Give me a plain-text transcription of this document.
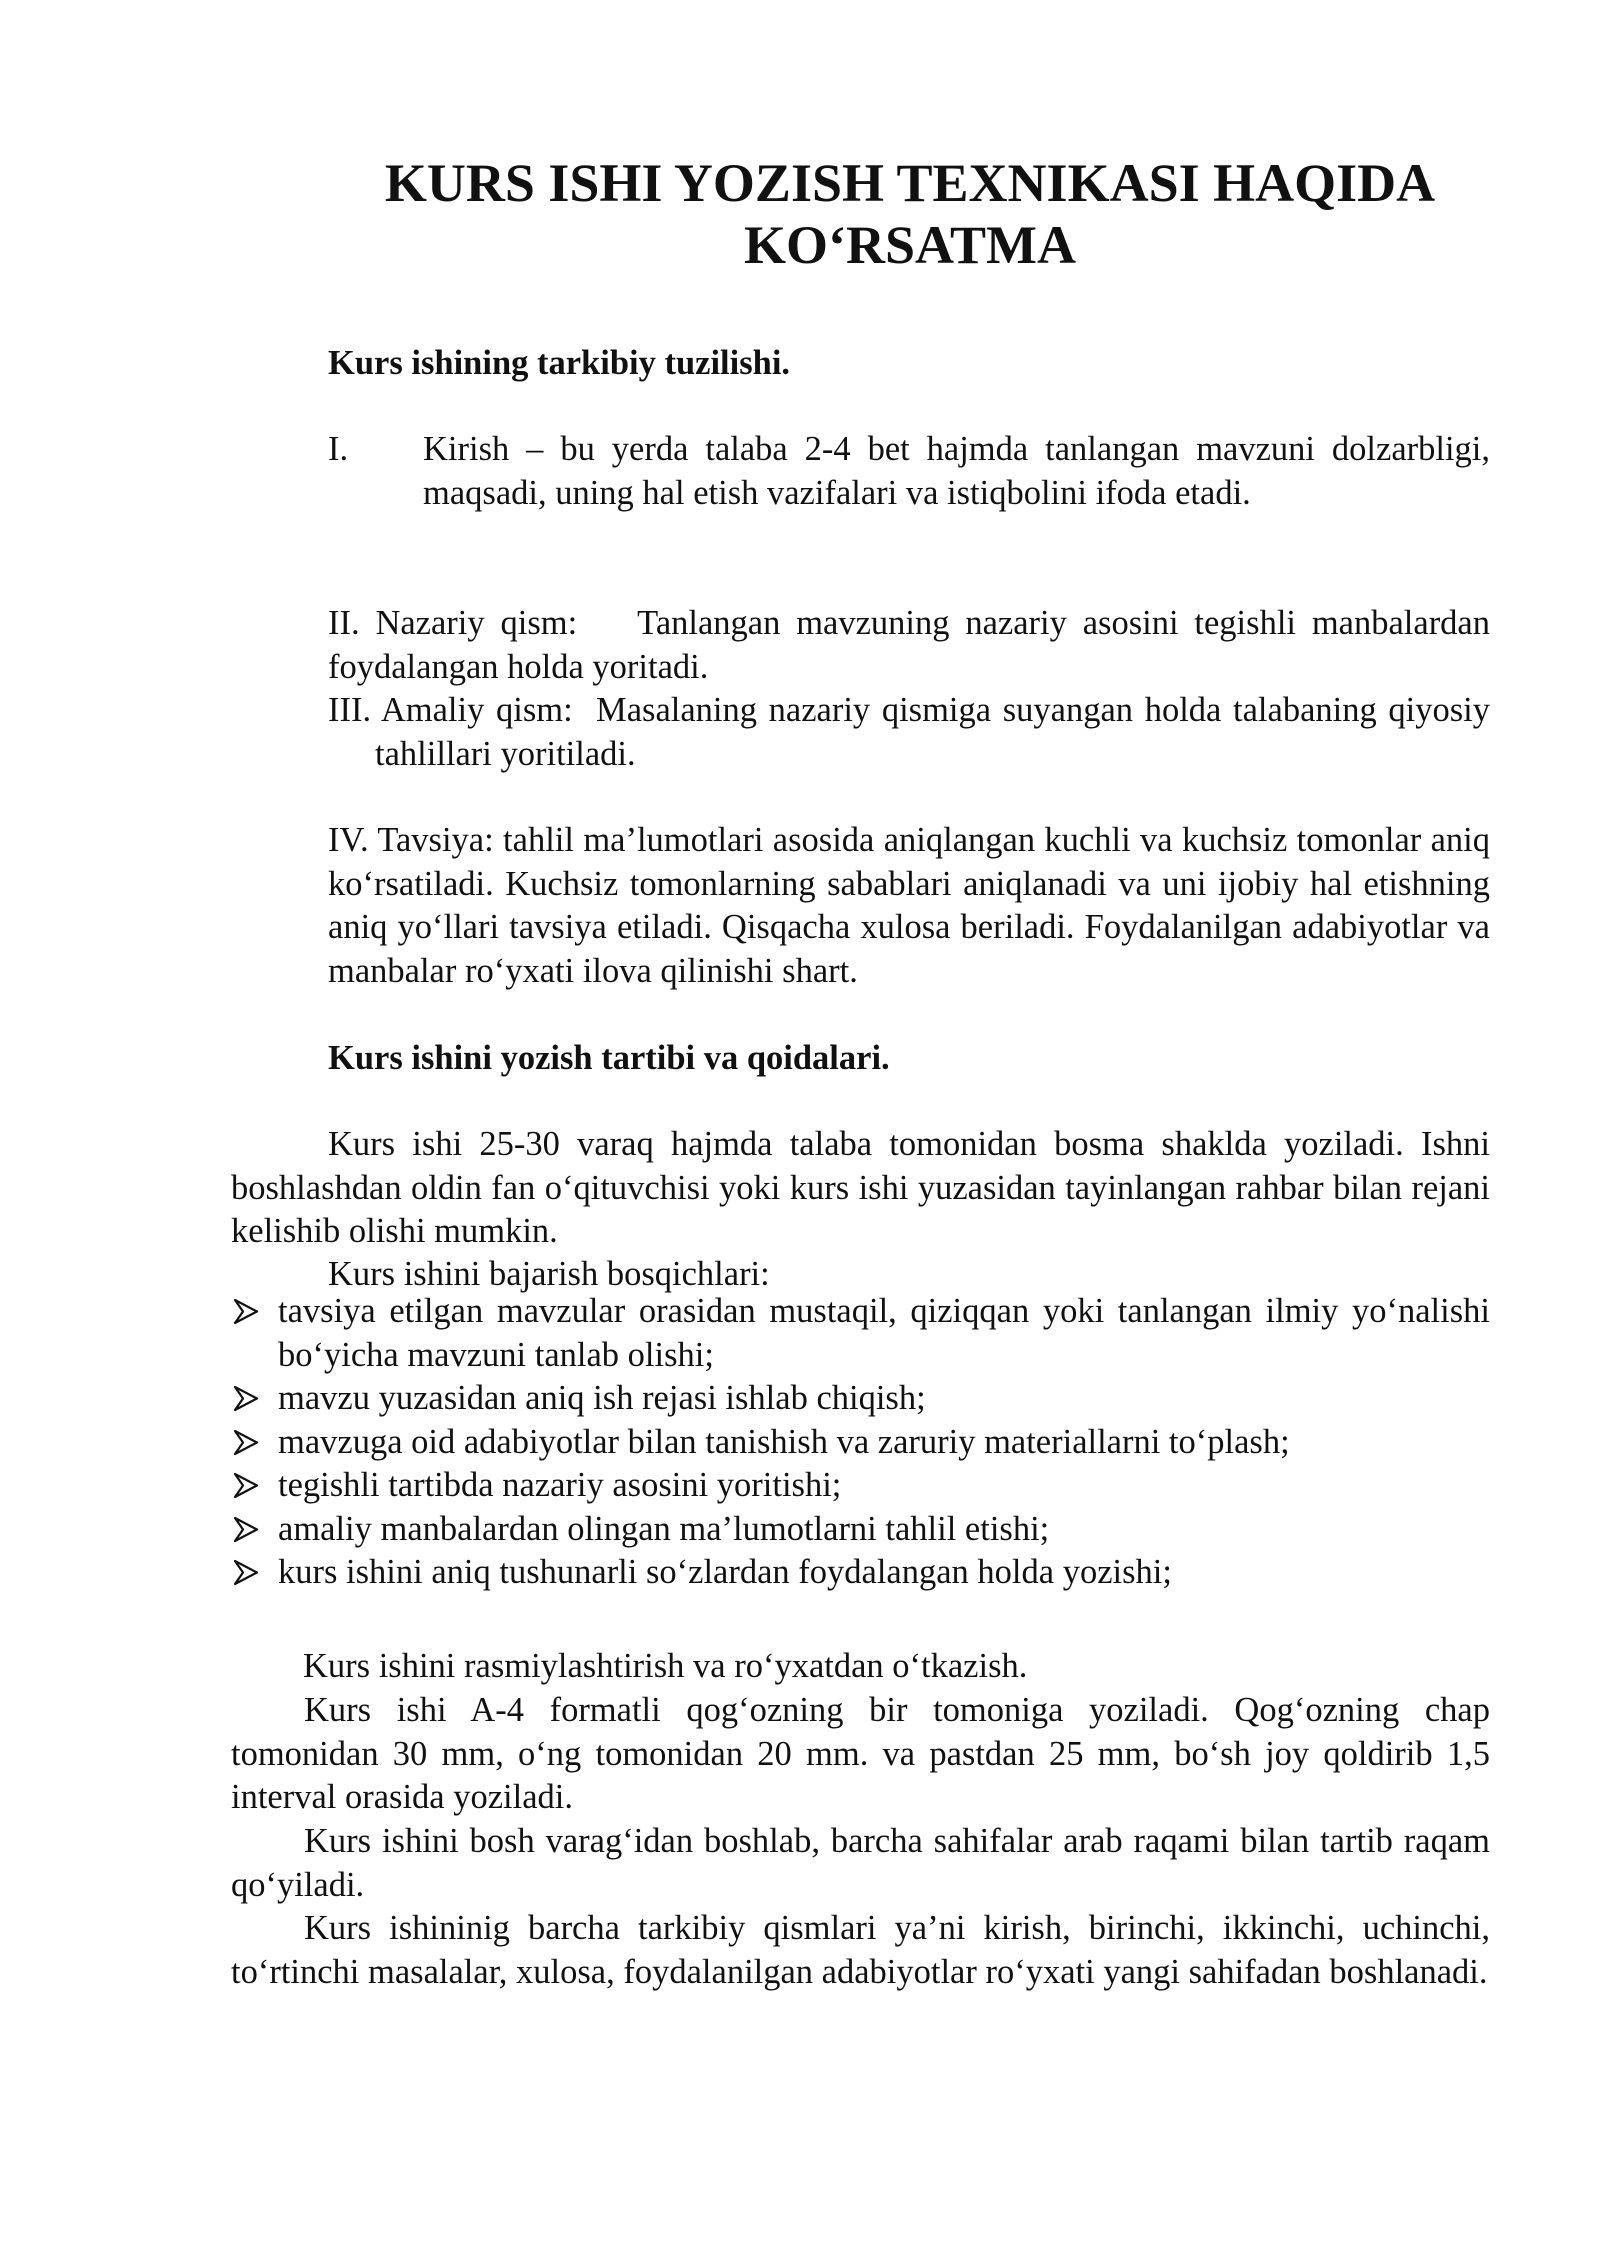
KURS ISHI YOZISH TEXNIKASI HAQIDA
KO‘RSATMA
Kurs ishining tarkibiy tuzilishi.
I. Kirish – bu yerda talaba 2-4 bet hajmda tanlangan mavzuni dolzarbligi, maqsadi, uning hal etish vazifalari va istiqbolini ifoda etadi.
II. Nazariy qism: Tanlangan mavzuning nazariy asosini tegishli manbalardan foydalangan holda yoritadi.
III. Amaliy qism: Masalaning nazariy qismiga suyangan holda talabaning qiyosiy tahlillari yoritiladi.
IV. Tavsiya: tahlil ma’lumotlari asosida aniqlangan kuchli va kuchsiz tomonlar aniq ko‘rsatiladi. Kuchsiz tomonlarning sabablari aniqlanadi va uni ijobiy hal etishning aniq yo‘llari tavsiya etiladi. Qisqacha xulosa beriladi. Foydalanilgan adabiyotlar va manbalar ro‘yxati ilova qilinishi shart.
Kurs ishini yozish tartibi va qoidalari.
Kurs ishi 25-30 varaq hajmda talaba tomonidan bosma shaklda yoziladi. Ishni boshlashdan oldin fan o‘qituvchisi yoki kurs ishi yuzasidan tayinlangan rahbar bilan rejani kelishib olishi mumkin.
Kurs ishini bajarish bosqichlari:
tavsiya etilgan mavzular orasidan mustaqil, qiziqqan yoki tanlangan ilmiy yo‘nalishi bo‘yicha mavzuni tanlab olishi;
mavzu yuzasidan aniq ish rejasi ishlab chiqish;
mavzuga oid adabiyotlar bilan tanishish va zaruriy materiallarni to‘plash;
tegishli tartibda nazariy asosini yoritishi;
amaliy manbalardan olingan ma’lumotlarni tahlil etishi;
kurs ishini aniq tushunarli so‘zlardan foydalangan holda yozishi;
Kurs ishini rasmiylashtirish va ro‘yxatdan o‘tkazish.
Kurs ishi A-4 formatli qog‘ozning bir tomoniga yoziladi. Qog‘ozning chap tomonidan 30 mm, o‘ng tomonidan 20 mm. va pastdan 25 mm, bo‘sh joy qoldirib 1,5 interval orasida yoziladi.
Kurs ishini bosh varag‘idan boshlab, barcha sahifalar arab raqami bilan tartib raqam qo‘yiladi.
Kurs ishininig barcha tarkibiy qismlari ya’ni kirish, birinchi, ikkinchi, uchinchi, to‘rtinchi masalalar, xulosa, foydalanilgan adabiyotlar ro‘yxati yangi sahifadan boshlanadi.
